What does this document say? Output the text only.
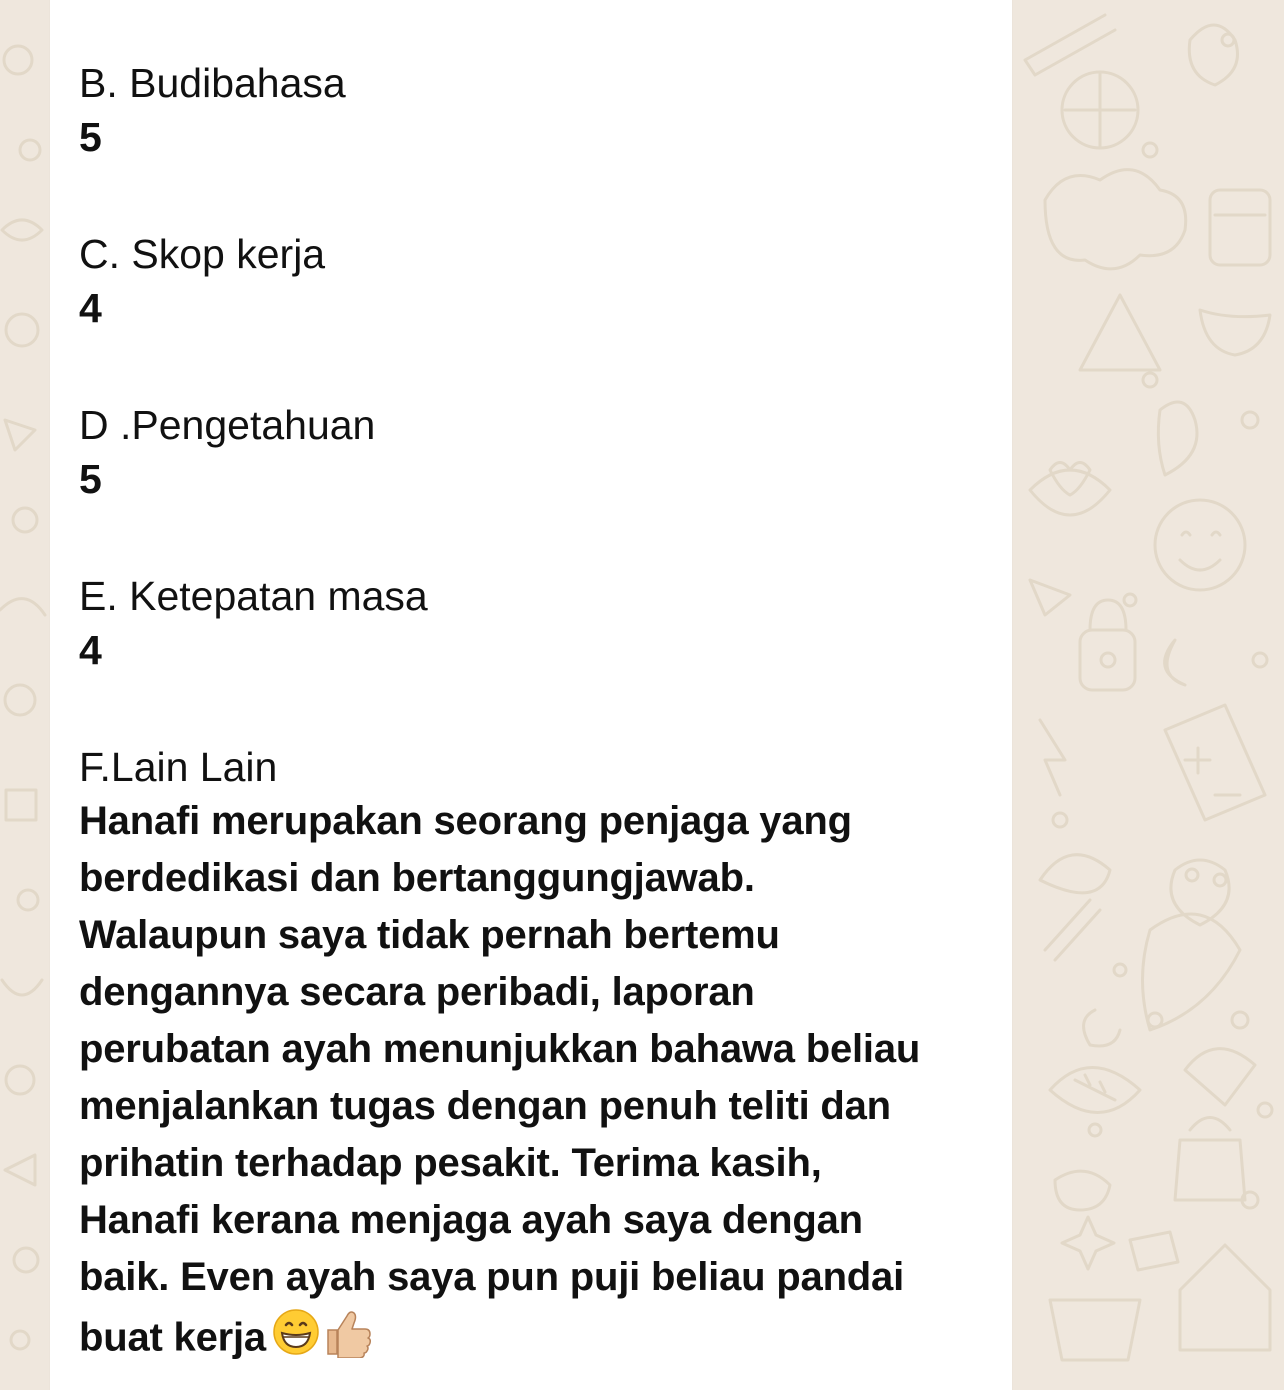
B. Budibahasa
5
C. Skop kerja
4
D .Pengetahuan
5
E. Ketepatan masa
4
F.Lain Lain
Hanafi merupakan seorang penjaga yang
berdedikasi dan bertanggungjawab.
Walaupun saya tidak pernah bertemu
dengannya secara peribadi, laporan
perubatan ayah menunjukkan bahawa beliau
menjalankan tugas dengan penuh teliti dan
prihatin terhadap pesakit. Terima kasih,
Hanafi kerana menjaga ayah saya dengan
baik. Even ayah saya pun puji beliau pandai
buat kerja
